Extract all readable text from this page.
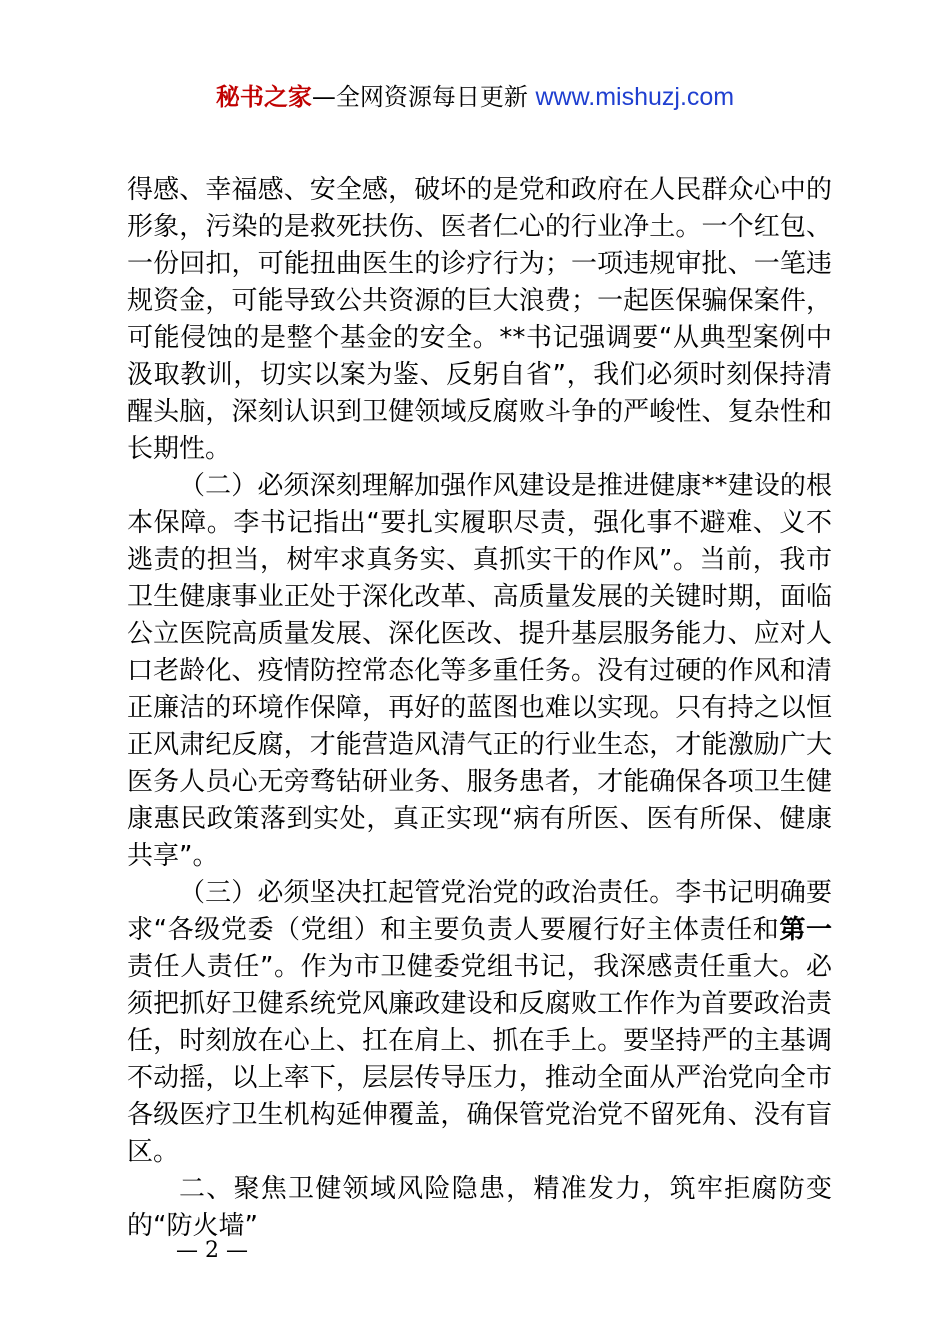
秘书之家—全网资源每日更新 www.mishuzj.com

得感、幸福感、安全感，破坏的是党和政府在人民群众心中的形象，污染的是救死扶伤、医者仁心的行业净土。一个红包、一份回扣，可能扭曲医生的诊疗行为；一项违规审批、一笔违规资金，可能导致公共资源的巨大浪费；一起医保骗保案件，可能侵蚀的是整个基金的安全。**书记强调要“从典型案例中汲取教训，切实以案为鉴、反躬自省”，我们必须时刻保持清醒头脑，深刻认识到卫健领域反腐败斗争的严峻性、复杂性和长期性。

（二）必须深刻理解加强作风建设是推进健康**建设的根本保障。李书记指出“要扎实履职尽责，强化事不避难、义不逃责的担当，树牢求真务实、真抓实干的作风”。当前，我市卫生健康事业正处于深化改革、高质量发展的关键时期，面临公立医院高质量发展、深化医改、提升基层服务能力、应对人口老龄化、疫情防控常态化等多重任务。没有过硬的作风和清正廉洁的环境作保障，再好的蓝图也难以实现。只有持之以恒正风肃纪反腐，才能营造风清气正的行业生态，才能激励广大医务人员心无旁骛钻研业务、服务患者，才能确保各项卫生健康惠民政策落到实处，真正实现“病有所医、医有所保、健康共享”。

（三）必须坚决扛起管党治党的政治责任。李书记明确要求“各级党委（党组）和主要负责人要履行好主体责任和第一责任人责任”。作为市卫健委党组书记，我深感责任重大。必须把抓好卫健系统党风廉政建设和反腐败工作作为首要政治责任，时刻放在心上、扛在肩上、抓在手上。要坚持严的主基调不动摇，以上率下，层层传导压力，推动全面从严治党向全市各级医疗卫生机构延伸覆盖，确保管党治党不留死角、没有盲区。

二、聚焦卫健领域风险隐患，精准发力，筑牢拒腐防变的“防火墙”

— 2 —
